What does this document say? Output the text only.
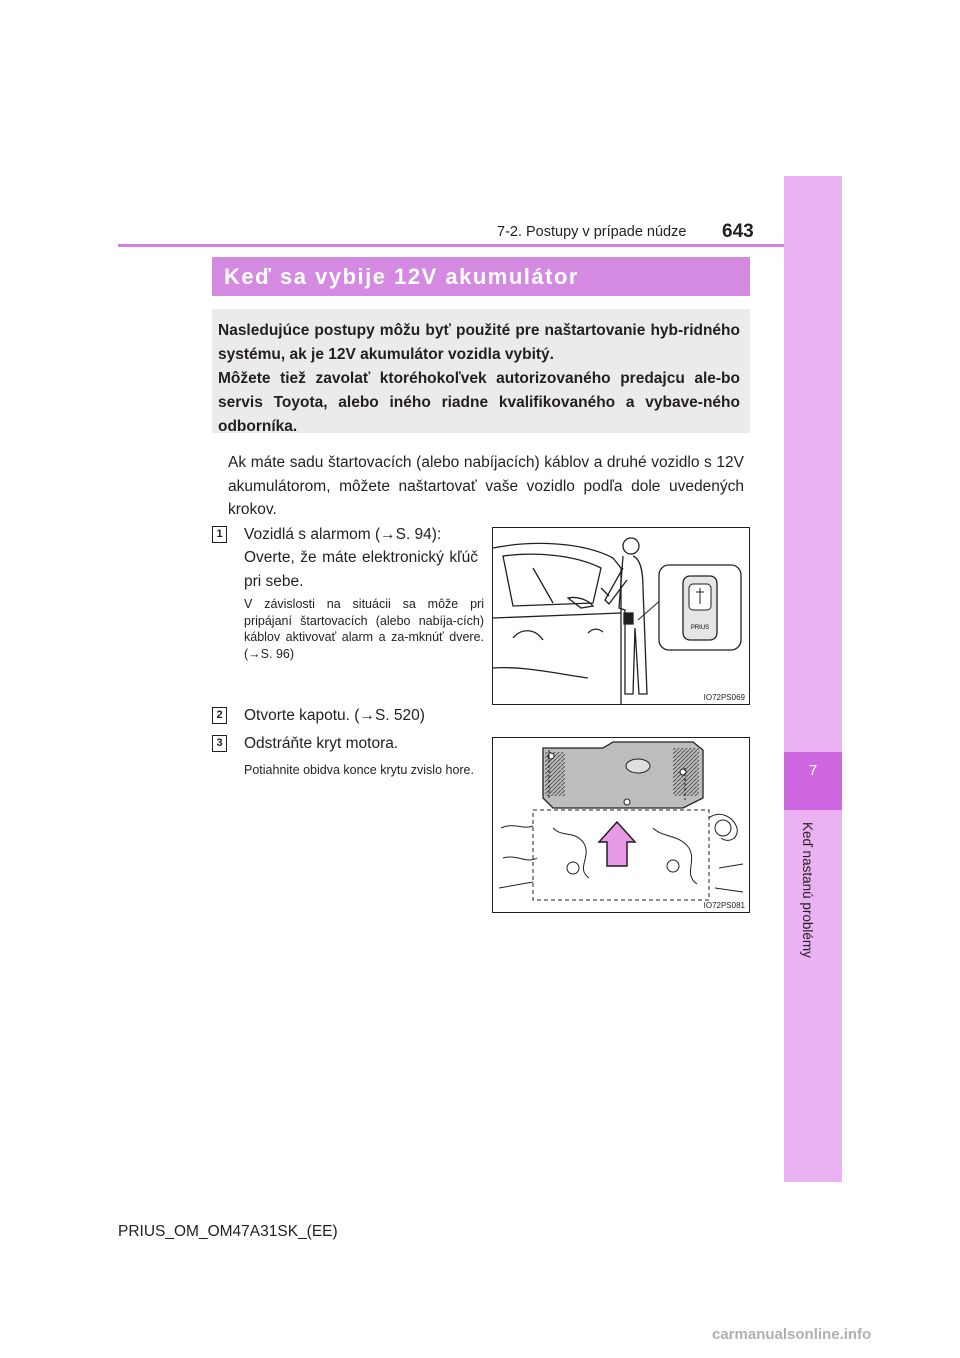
7
Keď nastanú problémy
7-2. Postupy v prípade núdze 643
Keď sa vybije 12V akumulátor

Nasledujúce postupy môžu byť použité pre naštartovanie hyb-ridného systému, ak je 12V akumulátor vozidla vybitý.

Môžete tiež zavolať ktoréhokoľvek autorizovaného predajcu ale-bo servis Toyota, alebo iného riadne kvalifikovaného a vybave-ného odborníka.

Ak máte sadu štartovacích (alebo nabíjacích) káblov a druhé vozidlo s 12V akumulátorom, môžete naštartovať vaše vozidlo podľa dole uvedených krokov.
1 Vozidlá s alarmom (→S. 94):
Overte, že máte elektronický kľúč pri sebe.
V závislosti na situácii sa môže pri pripájaní štartovacích (alebo nabíja-cích) káblov aktivovať alarm a za-mknúť dvere. (→S. 96)
PRIUS
IO72PS069
2 Otvorte kapotu. (→S. 520)
3 Odstráňte kryt motora.
Potiahnite obidva konce krytu zvislo hore.
IO72PS081
PRIUS_OM_OM47A31SK_(EE)
carmanualsonline.info
